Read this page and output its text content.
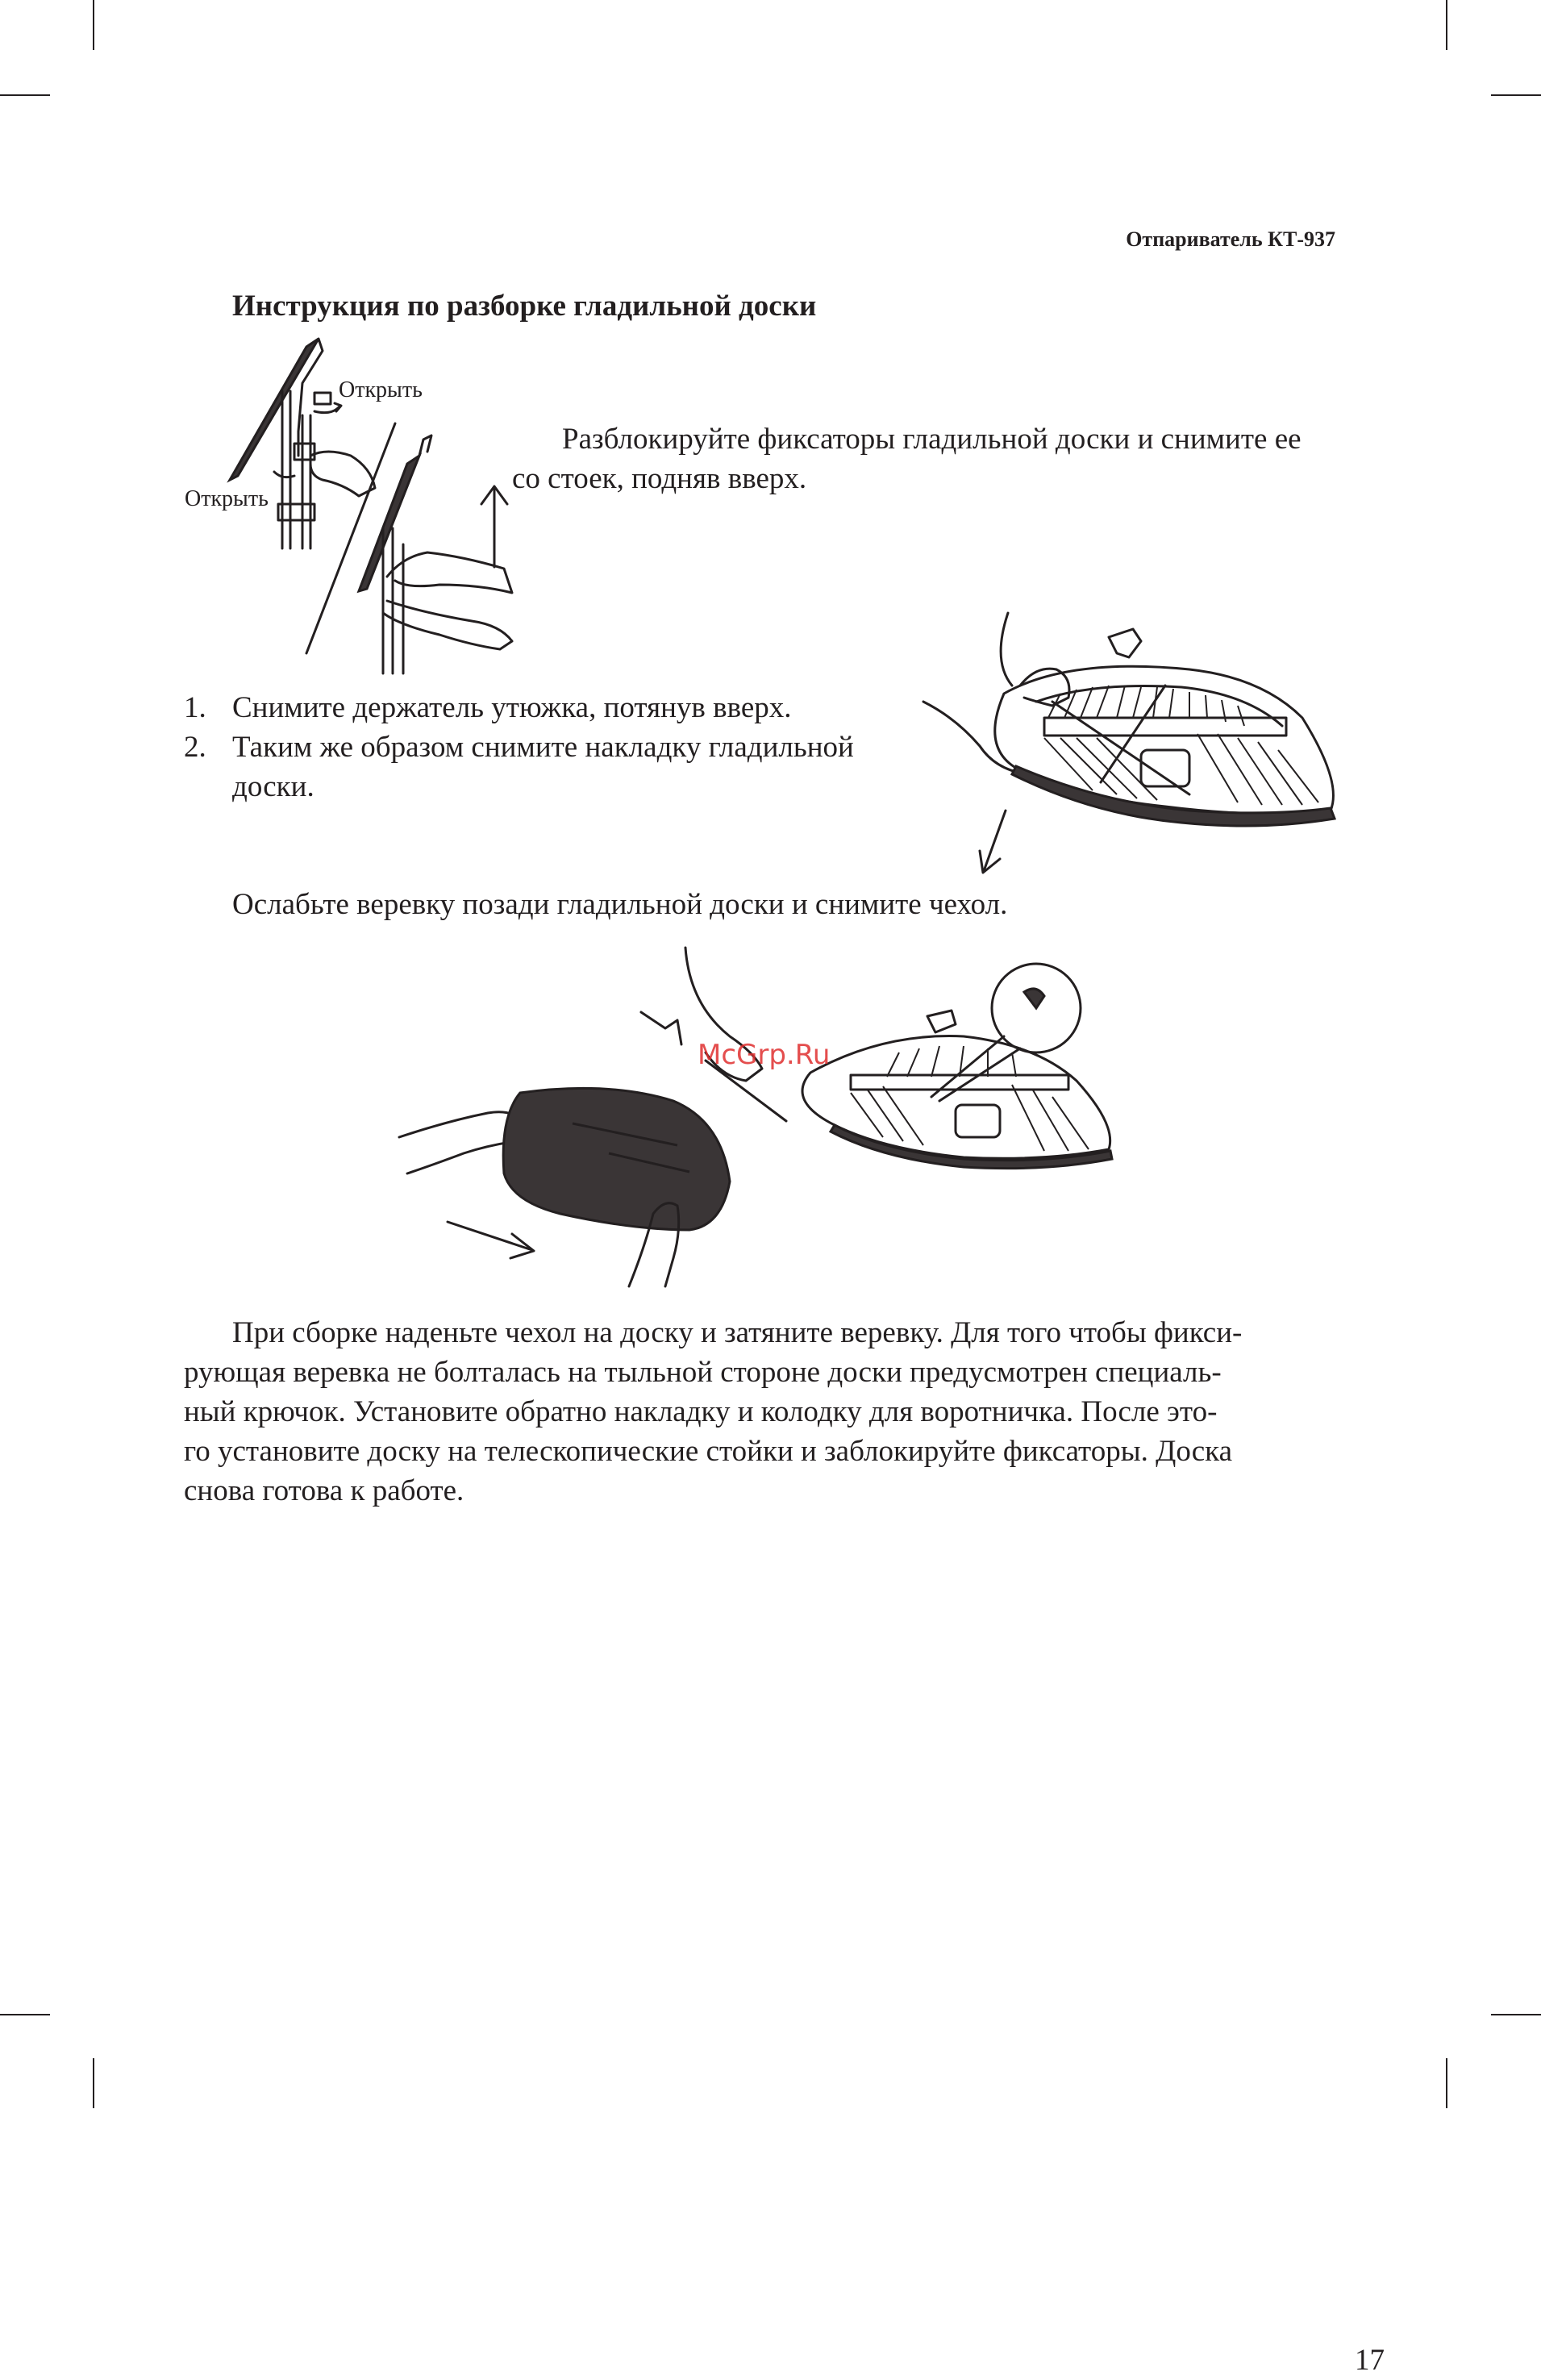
Отпариватель КТ-937
Инструкция по разборке гладильной доски
Открыть
Открыть
Разблокируйте фиксаторы гладильной доски и снимите ее
со стоек, подняв вверх.
1. Снимите держатель утюжка, потянув вверх.
2. Таким же образом снимите накладку гладильной
доски.
Ослабьте веревку позади гладильной доски и снимите чехол.
McGrp.Ru
При сборке наденьте чехол на доску и затяните веревку. Для того чтобы фикси-
рующая веревка не болталась на тыльной стороне доски предусмотрен специаль-
ный крючок. Установите обратно накладку и колодку для воротничка. После это-
го установите доску на телескопические стойки и заблокируйте фиксаторы. Доска
снова готова к работе.
17
